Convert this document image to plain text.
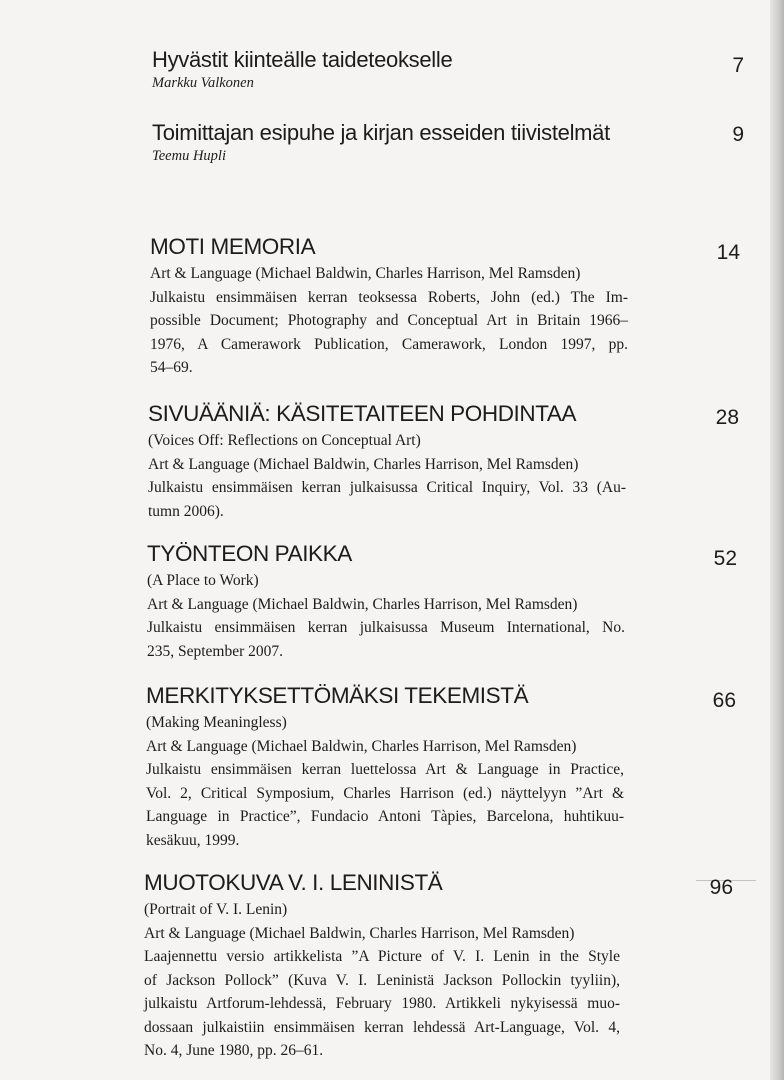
Hyvästit kiinteälle taideteokselle

Markku Valkonen

7
Toimittajan esipuhe ja kirjan esseiden tiivistelmät

Teemu Hupli

9
MOTI MEMORIA

Art & Language (Michael Baldwin, Charles Harrison, Mel Ramsden)
Julkaistu ensimmäisen kerran teoksessa Roberts, John (ed.) The Im-
possible Document; Photography and Conceptual Art in Britain 1966–
1976, A Camerawork Publication, Camerawork, London 1997, pp.
54–69.

14
SIVUÄÄNIÄ: KÄSITETAITEEN POHDINTAA

(Voices Off: Reflections on Conceptual Art)
Art & Language (Michael Baldwin, Charles Harrison, Mel Ramsden)
Julkaistu ensimmäisen kerran julkaisussa Critical Inquiry, Vol. 33 (Au-
tumn 2006).

28
TYÖNTEON PAIKKA

(A Place to Work)
Art & Language (Michael Baldwin, Charles Harrison, Mel Ramsden)
Julkaistu ensimmäisen kerran julkaisussa Museum International, No.
235, September 2007.

52
MERKITYKSETTÖMÄKSI TEKEMISTÄ

(Making Meaningless)
Art & Language (Michael Baldwin, Charles Harrison, Mel Ramsden)
Julkaistu ensimmäisen kerran luettelossa Art & Language in Practice,
Vol. 2, Critical Symposium, Charles Harrison (ed.) näyttelyyn ”Art &
Language in Practice”, Fundacio Antoni Tàpies, Barcelona, huhtikuu-
kesäkuu, 1999.

66
MUOTOKUVA V. I. LENINISTÄ

(Portrait of V. I. Lenin)
Art & Language (Michael Baldwin, Charles Harrison, Mel Ramsden)
Laajennettu versio artikkelista ”A Picture of V. I. Lenin in the Style
of Jackson Pollock” (Kuva V. I. Leninistä Jackson Pollockin tyyliin),
julkaistu Artforum-lehdessä, February 1980. Artikkeli nykyisessä muo-
dossaan julkaistiin ensimmäisen kerran lehdessä Art-Language, Vol. 4,
No. 4, June 1980, pp. 26–61.

96
